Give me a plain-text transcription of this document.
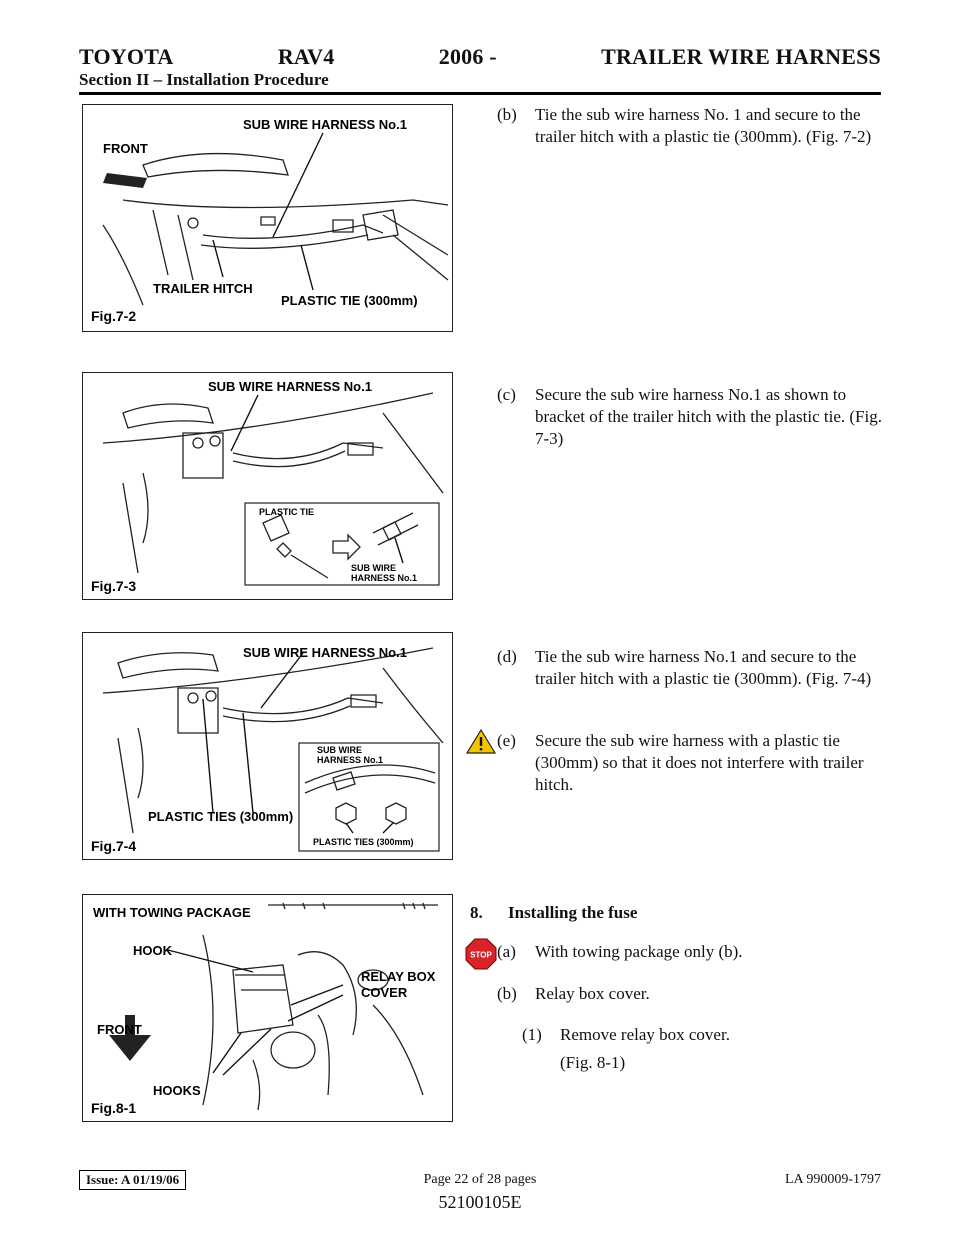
TOYOTA	RAV4	2006 -	TRAILER WIRE HARNESS
Section II – Installation Procedure
SUB WIRE HARNESS No.1
FRONT
TRAILER HITCH
PLASTIC TIE (300mm)
Fig.7-2
SUB WIRE HARNESS No.1
PLASTIC TIE
SUB WIRE
HARNESS No.1
Fig.7-3
SUB WIRE HARNESS No.1
SUB WIRE
HARNESS No.1
PLASTIC TIES (300mm)
PLASTIC TIES (300mm)
Fig.7-4
WITH TOWING PACKAGE
HOOK
RELAY BOX
COVER
FRONT
HOOKS
Fig.8-1
(b)	Tie the sub wire harness No. 1 and secure to the trailer hitch with a plastic tie (300mm). (Fig. 7-2)
(c)	Secure the sub wire harness No.1 as shown to bracket of the trailer hitch with the plastic tie. (Fig. 7-3)
(d)	Tie the sub wire harness No.1 and secure to the trailer hitch with a plastic tie (300mm). (Fig. 7-4)
(e)	Secure the sub wire harness with a plastic tie (300mm) so that it does not interfere with trailer hitch.
8.	Installing the fuse
STOP (a)	With towing package only (b).
(b)	Relay box cover.
(1)	Remove relay box cover.
(Fig. 8-1)
Issue: A 01/19/06	Page 22 of 28 pages	LA 990009-1797
52100105E
